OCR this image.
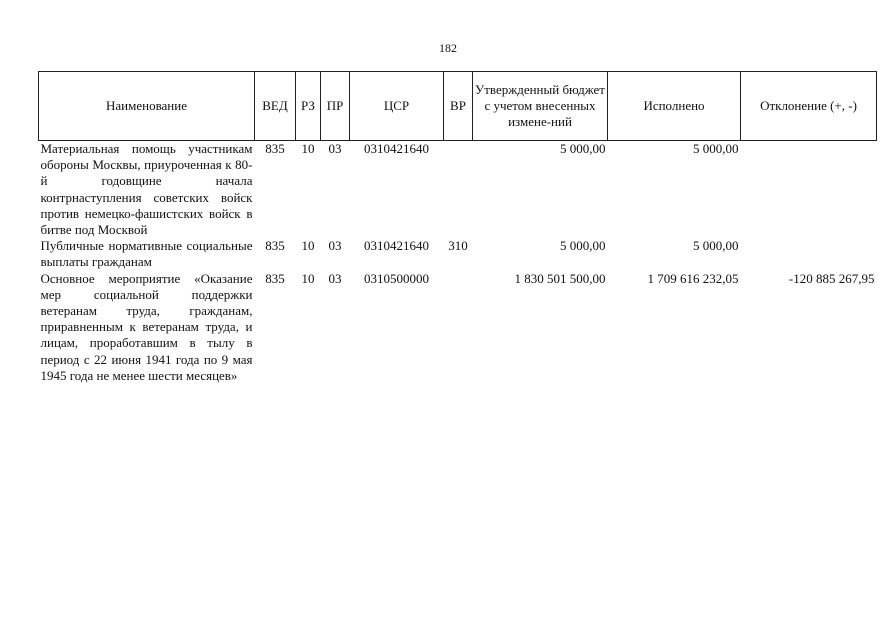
182
Наименование	ВЕД	РЗ	ПР	ЦСР	ВР	Утвержденный бюджет с учетом внесенных измене-ний	Исполнено	Отклонение (+, -)
Материальная помощь участникам обороны Москвы, приуроченная к 80-й годовщине начала контрнаступления советских войск против немецко-фашистских войск в битве под Москвой	835	10	03	0310421640		5 000,00	5 000,00	
Публичные нормативные социальные выплаты гражданам	835	10	03	0310421640	310	5 000,00	5 000,00	
Основное мероприятие «Оказание мер социальной поддержки ветеранам труда, гражданам, приравненным к ветеранам труда, и лицам, проработавшим в тылу в период с 22 июня 1941 года по 9 мая 1945 года не менее шести месяцев»	835	10	03	0310500000		1 830 501 500,00	1 709 616 232,05	-120 885 267,95
